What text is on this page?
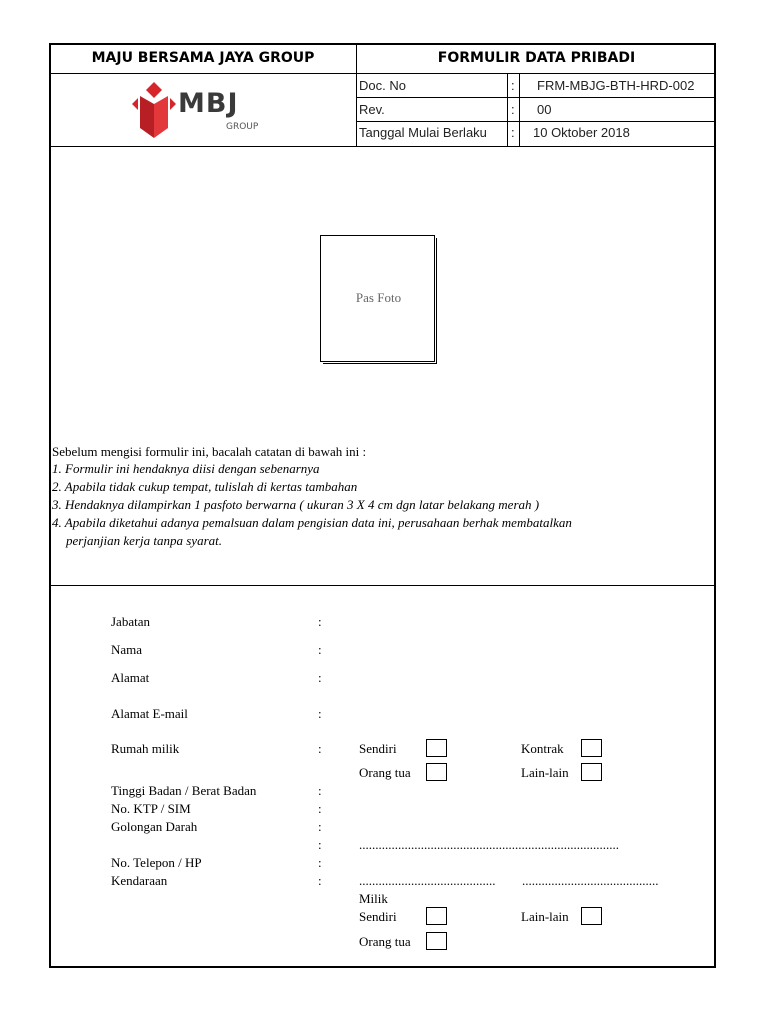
MAJU BERSAMA JAYA GROUP	FORMULIR DATA PRIBADI
MBJ
GROUP
Doc. No	: FRM-MBJG-BTH-HRD-002
Rev.	: 00
Tanggal Mulai Berlaku : 10 Oktober 2018
Pas Foto
Sebelum mengisi formulir ini, bacalah catatan di bawah ini :
1. Formulir ini hendaknya diisi dengan sebenarnya
2. Apabila tidak cukup tempat, tulislah di kertas tambahan
3. Hendaknya dilampirkan 1 pasfoto berwarna ( ukuran 3 X 4 cm dgn latar belakang merah )
4. Apabila diketahui adanya pemalsuan dalam pengisian data ini, perusahaan berhak membatalkan
perjanjian kerja tanpa syarat.
Jabatan	:
Nama	:
Alamat	:
Alamat E-mail	:
Rumah milik	:	Sendiri	Kontrak
Orang tua	Lain-lain
Tinggi Badan / Berat Badan	:
No. KTP / SIM	:
Golongan Darah	:
:	................................................................................
No. Telepon / HP	:
Kendaraan	:	.......................................... ..........................................
Milik
Sendiri	Lain-lain
Orang tua
